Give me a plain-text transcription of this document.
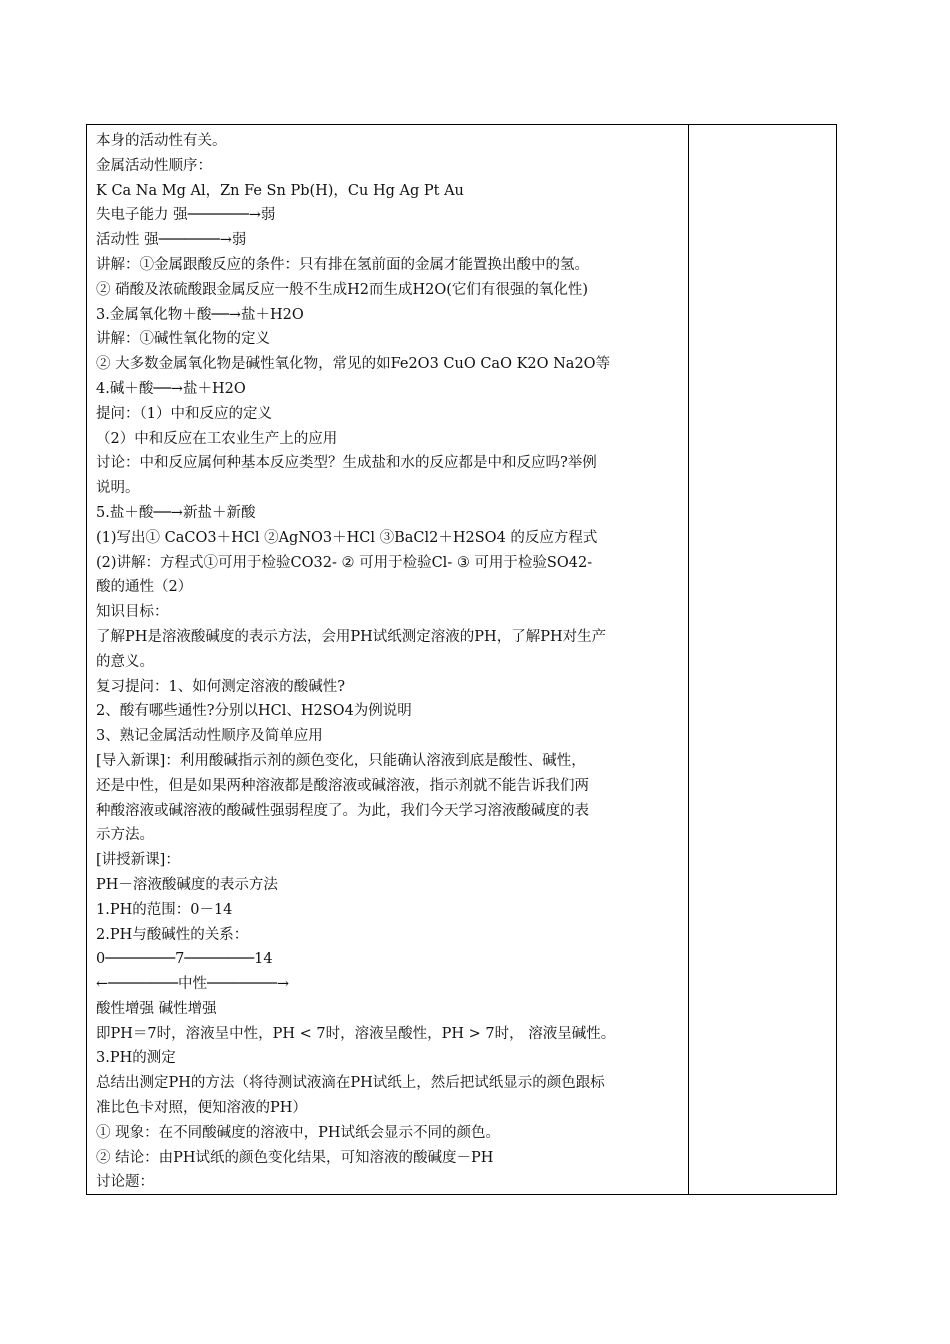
本身的活动性有关。
金属活动性顺序：
K Ca Na Mg Al，Zn Fe Sn Pb(H)，Cu Hg Ag Pt Au
失电子能力 强───────→弱
活动性 强───────→弱
讲解：①金属跟酸反应的条件：只有排在氢前面的金属才能置换出酸中的氢。
② 硝酸及浓硫酸跟金属反应一般不生成H2而生成H2O(它们有很强的氧化性)
3.金属氧化物＋酸──→盐＋H2O
讲解：①碱性氧化物的定义
② 大多数金属氧化物是碱性氧化物，常见的如Fe2O3 CuO CaO K2O Na2O等
4.碱＋酸──→盐＋H2O
提问：（1）中和反应的定义
（2）中和反应在工农业生产上的应用
讨论：中和反应属何种基本反应类型？生成盐和水的反应都是中和反应吗?举例
说明。
5.盐＋酸──→新盐＋新酸
(1)写出① CaCO3＋HCl ②AgNO3＋HCl ③BaCl2＋H2SO4 的反应方程式
(2)讲解：方程式①可用于检验CO32- ② 可用于检验Cl- ③ 可用于检验SO42-
酸的通性（2）
知识目标：
了解PH是溶液酸碱度的表示方法，会用PH试纸测定溶液的PH，了解PH对生产
的意义。
复习提问：1、如何测定溶液的酸碱性?
2、酸有哪些通性?分别以HCl、H2SO4为例说明
3、熟记金属活动性顺序及简单应用
[导入新课]：利用酸碱指示剂的颜色变化，只能确认溶液到底是酸性、碱性，
还是中性，但是如果两种溶液都是酸溶液或碱溶液，指示剂就不能告诉我们两
种酸溶液或碱溶液的酸碱性强弱程度了。为此，我们今天学习溶液酸碱度的表
示方法。
[讲授新课]：
PH－溶液酸碱度的表示方法
1.PH的范围：0－14
2.PH与酸碱性的关系：
0────────7────────14
←────────中性────────→
酸性增强 碱性增强
即PH＝7时，溶液呈中性，PH < 7时，溶液呈酸性，PH > 7时， 溶液呈碱性。
3.PH的测定
总结出测定PH的方法（将待测试液滴在PH试纸上，然后把试纸显示的颜色跟标
准比色卡对照，便知溶液的PH）
① 现象：在不同酸碱度的溶液中，PH试纸会显示不同的颜色。
② 结论：由PH试纸的颜色变化结果，可知溶液的酸碱度－PH
讨论题：
